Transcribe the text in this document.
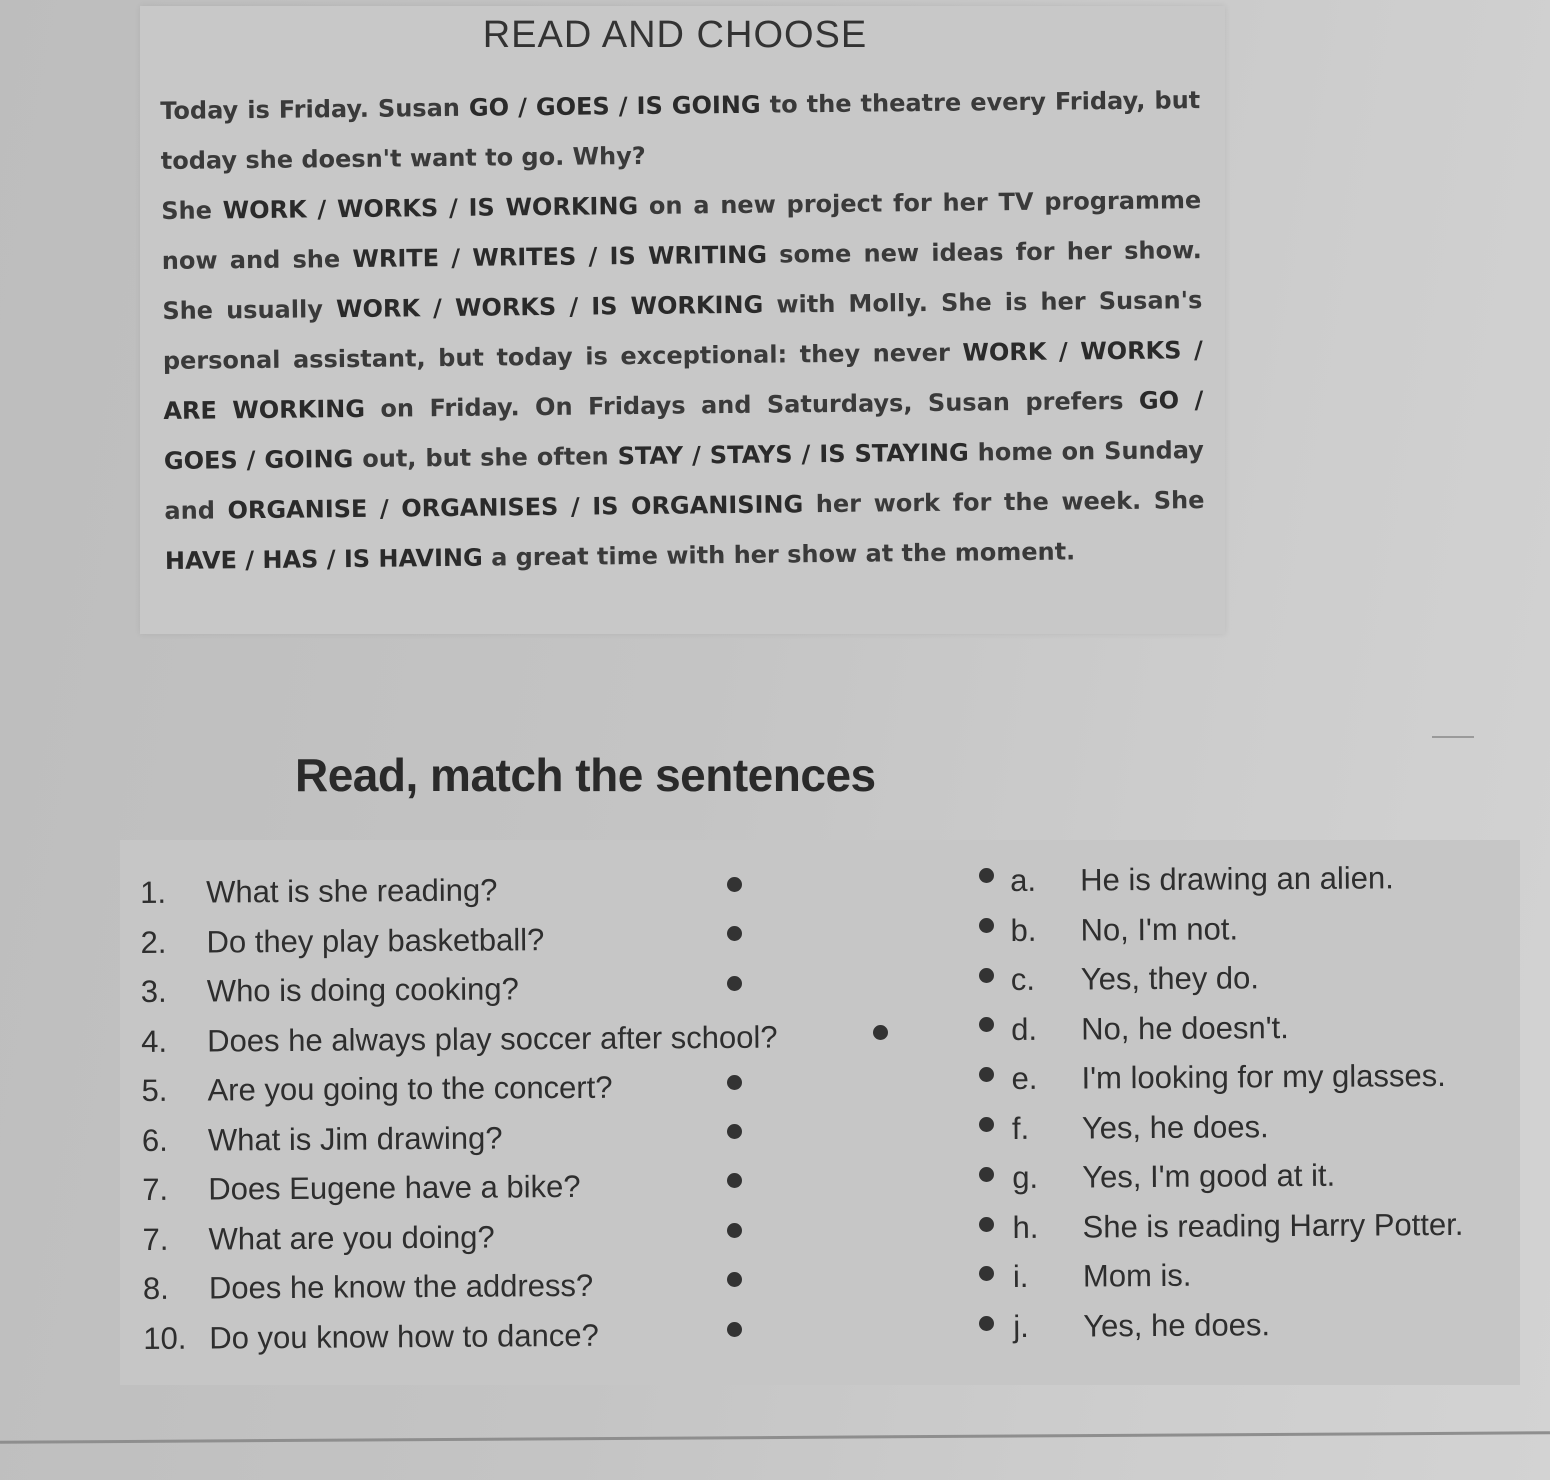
READ AND CHOOSE

Today is Friday. Susan GO / GOES / IS GOING to the theatre every Friday, but today she doesn't want to go. Why?
She WORK / WORKS / IS WORKING on a new project for her TV programme now and she WRITE / WRITES / IS WRITING some new ideas for her show. She usually WORK / WORKS / IS WORKING with Molly. She is her Susan's personal assistant, but today is exceptional: they never WORK / WORKS / ARE WORKING on Friday. On Fridays and Saturdays, Susan prefers GO / GOES / GOING out, but she often STAY / STAYS / IS STAYING home on Sunday and ORGANISE / ORGANISES / IS ORGANISING her work for the week. She HAVE / HAS / IS HAVING a great time with her show at the moment.

Read, match the sentences
1. What is she reading?
2. Do they play basketball?
3. Who is doing cooking?
4. Does he always play soccer after school?
5. Are you going to the concert?
6. What is Jim drawing?
7. Does Eugene have a bike?
7. What are you doing?
8. Does he know the address?
10. Do you know how to dance?
a. He is drawing an alien.
b. No, I'm not.
c. Yes, they do.
d. No, he doesn't.
e. I'm looking for my glasses.
f. Yes, he does.
g. Yes, I'm good at it.
h. She is reading Harry Potter.
i. Mom is.
j. Yes, he does.
